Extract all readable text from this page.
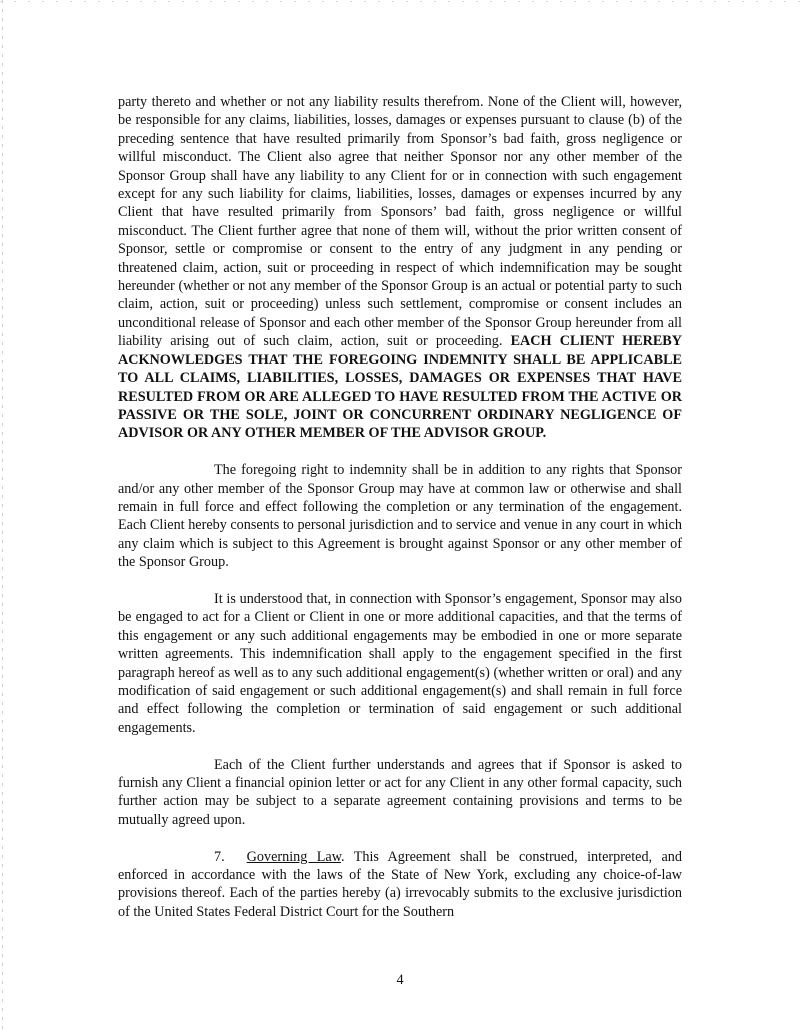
party thereto and whether or not any liability results therefrom. None of the Client will, however, be responsible for any claims, liabilities, losses, damages or expenses pursuant to clause (b) of the preceding sentence that have resulted primarily from Sponsor’s bad faith, gross negligence or willful misconduct. The Client also agree that neither Sponsor nor any other member of the Sponsor Group shall have any liability to any Client for or in connection with such engagement except for any such liability for claims, liabilities, losses, damages or expenses incurred by any Client that have resulted primarily from Sponsors’ bad faith, gross negligence or willful misconduct. The Client further agree that none of them will, without the prior written consent of Sponsor, settle or compromise or consent to the entry of any judgment in any pending or threatened claim, action, suit or proceeding in respect of which indemnification may be sought hereunder (whether or not any member of the Sponsor Group is an actual or potential party to such claim, action, suit or proceeding) unless such settlement, compromise or consent includes an unconditional release of Sponsor and each other member of the Sponsor Group hereunder from all liability arising out of such claim, action, suit or proceeding. EACH CLIENT HEREBY ACKNOWLEDGES THAT THE FOREGOING INDEMNITY SHALL BE APPLICABLE TO ALL CLAIMS, LIABILITIES, LOSSES, DAMAGES OR EXPENSES THAT HAVE RESULTED FROM OR ARE ALLEGED TO HAVE RESULTED FROM THE ACTIVE OR PASSIVE OR THE SOLE, JOINT OR CONCURRENT ORDINARY NEGLIGENCE OF ADVISOR OR ANY OTHER MEMBER OF THE ADVISOR GROUP.

The foregoing right to indemnity shall be in addition to any rights that Sponsor and/or any other member of the Sponsor Group may have at common law or otherwise and shall remain in full force and effect following the completion or any termination of the engagement. Each Client hereby consents to personal jurisdiction and to service and venue in any court in which any claim which is subject to this Agreement is brought against Sponsor or any other member of the Sponsor Group.

It is understood that, in connection with Sponsor’s engagement, Sponsor may also be engaged to act for a Client or Client in one or more additional capacities, and that the terms of this engagement or any such additional engagements may be embodied in one or more separate written agreements. This indemnification shall apply to the engagement specified in the first paragraph hereof as well as to any such additional engagement(s) (whether written or oral) and any modification of said engagement or such additional engagement(s) and shall remain in full force and effect following the completion or termination of said engagement or such additional engagements.

Each of the Client further understands and agrees that if Sponsor is asked to furnish any Client a financial opinion letter or act for any Client in any other formal capacity, such further action may be subject to a separate agreement containing provisions and terms to be mutually agreed upon.

7. Governing Law. This Agreement shall be construed, interpreted, and enforced in accordance with the laws of the State of New York, excluding any choice-of-law provisions thereof. Each of the parties hereby (a) irrevocably submits to the exclusive jurisdiction of the United States Federal District Court for the Southern

4
